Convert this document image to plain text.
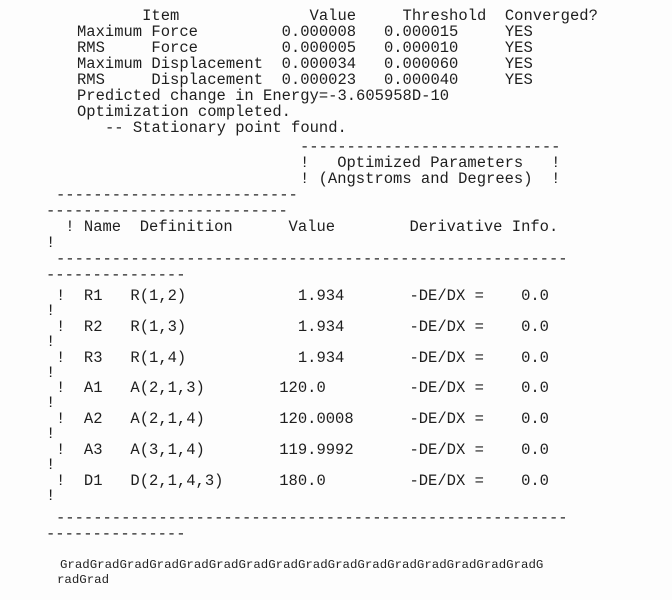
Item              Value     Threshold  Converged?
Maximum Force         0.000008   0.000015     YES
RMS     Force         0.000005   0.000010     YES
Maximum Displacement  0.000034   0.000060     YES
RMS     Displacement  0.000023   0.000040     YES
Predicted change in Energy=-3.605958D-10
Optimization completed.
-- Stationary point found.
----------------------------
!   Optimized Parameters   !
! (Angstroms and Degrees)  !
--------------------------
--------------------------
! Name  Definition      Value        Derivative Info.
!
-------------------------------------------------------
---------------
!  R1   R(1,2)            1.934       -DE/DX =    0.0
!
!  R2   R(1,3)            1.934       -DE/DX =    0.0
!
!  R3   R(1,4)            1.934       -DE/DX =    0.0
!
!  A1   A(2,1,3)        120.0         -DE/DX =    0.0
!
!  A2   A(2,1,4)        120.0008      -DE/DX =    0.0
!
!  A3   A(3,1,4)        119.9992      -DE/DX =    0.0
!
!  D1   D(2,1,4,3)      180.0         -DE/DX =    0.0
!
-------------------------------------------------------
---------------
GradGradGradGradGradGradGradGradGradGradGradGradGradGradGradGradG
radGrad
